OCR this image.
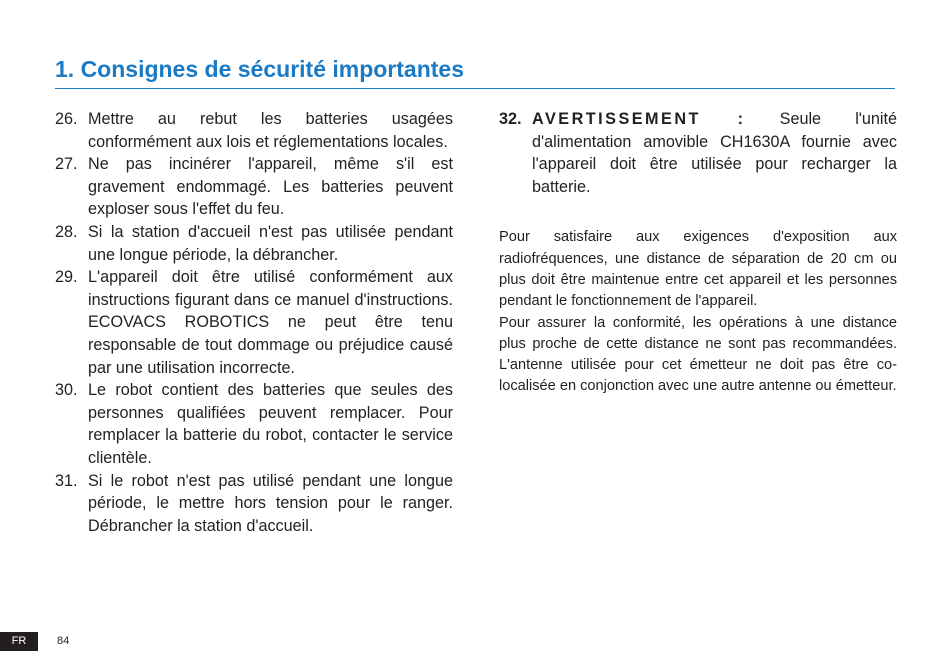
1. Consignes de sécurité importantes
26. Mettre au rebut les batteries usagées conformément aux lois et réglementations locales.
27. Ne pas incinérer l'appareil, même s'il est gravement endommagé. Les batteries peuvent exploser sous l'effet du feu.
28. Si la station d'accueil n'est pas utilisée pendant une longue période, la débrancher.
29. L'appareil doit être utilisé conformément aux instructions figurant dans ce manuel d'instructions. ECOVACS ROBOTICS ne peut être tenu responsable de tout dommage ou préjudice causé par une utilisation incorrecte.
30. Le robot contient des batteries que seules des personnes qualifiées peuvent remplacer. Pour remplacer la batterie du robot, contacter le service clientèle.
31. Si le robot n'est pas utilisé pendant une longue période, le mettre hors tension pour le ranger. Débrancher la station d'accueil.
32. AVERTISSEMENT : Seule l'unité d'alimentation amovible CH1630A fournie avec l'appareil doit être utilisée pour recharger la batterie.

Pour satisfaire aux exigences d'exposition aux radiofréquences, une distance de séparation de 20 cm ou plus doit être maintenue entre cet appareil et les personnes pendant le fonctionnement de l'appareil.

Pour assurer la conformité, les opérations à une distance plus proche de cette distance ne sont pas recommandées. L'antenne utilisée pour cet émetteur ne doit pas être co-localisée en conjonction avec une autre antenne ou émetteur.

FR	84
